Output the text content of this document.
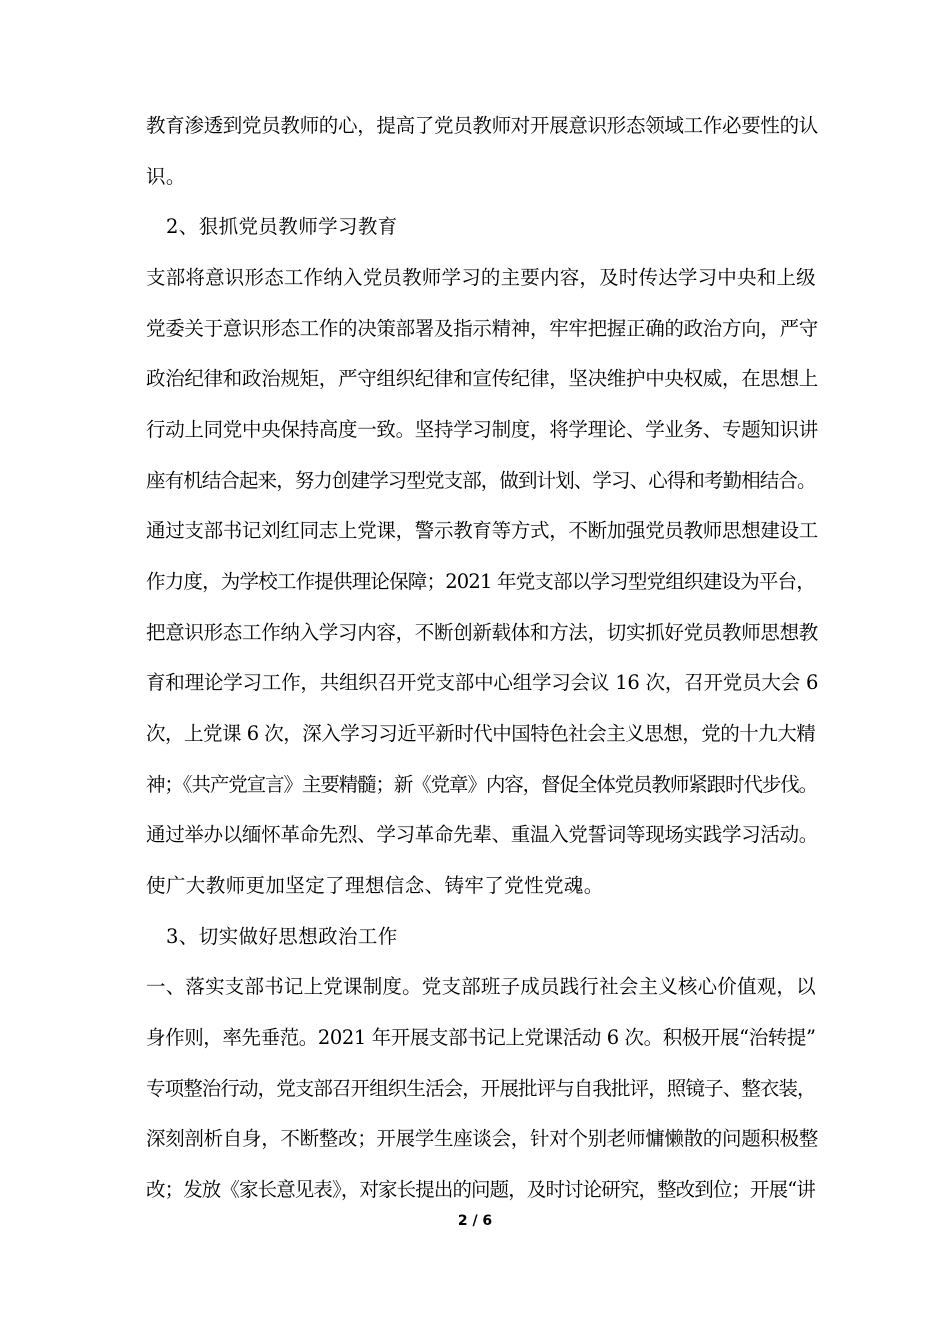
教育渗透到党员教师的心，提高了党员教师对开展意识形态领域工作必要性的认
识。
2、狠抓党员教师学习教育
支部将意识形态工作纳入党员教师学习的主要内容，及时传达学习中央和上级
党委关于意识形态工作的决策部署及指示精神，牢牢把握正确的政治方向，严守
政治纪律和政治规矩，严守组织纪律和宣传纪律，坚决维护中央权威，在思想上
行动上同党中央保持高度一致。坚持学习制度，将学理论、学业务、专题知识讲
座有机结合起来，努力创建学习型党支部，做到计划、学习、心得和考勤相结合。
通过支部书记刘红同志上党课，警示教育等方式，不断加强党员教师思想建设工
作力度，为学校工作提供理论保障；2021 年党支部以学习型党组织建设为平台，
把意识形态工作纳入学习内容，不断创新载体和方法，切实抓好党员教师思想教
育和理论学习工作，共组织召开党支部中心组学习会议 16 次，召开党员大会 6
次，上党课 6 次，深入学习习近平新时代中国特色社会主义思想，党的十九大精
神；《共产党宣言》主要精髓；新《党章》内容，督促全体党员教师紧跟时代步伐。
通过举办以缅怀革命先烈、学习革命先辈、重温入党誓词等现场实践学习活动。
使广大教师更加坚定了理想信念、铸牢了党性党魂。
3、切实做好思想政治工作
一、落实支部书记上党课制度。党支部班子成员践行社会主义核心价值观，以
身作则，率先垂范。2021 年开展支部书记上党课活动 6 次。积极开展“治转提”
专项整治行动，党支部召开组织生活会，开展批评与自我批评，照镜子、整衣装，
深刻剖析自身，不断整改；开展学生座谈会，针对个别老师慵懒散的问题积极整
改；发放《家长意见表》，对家长提出的问题，及时讨论研究，整改到位；开展“讲
2 / 6
